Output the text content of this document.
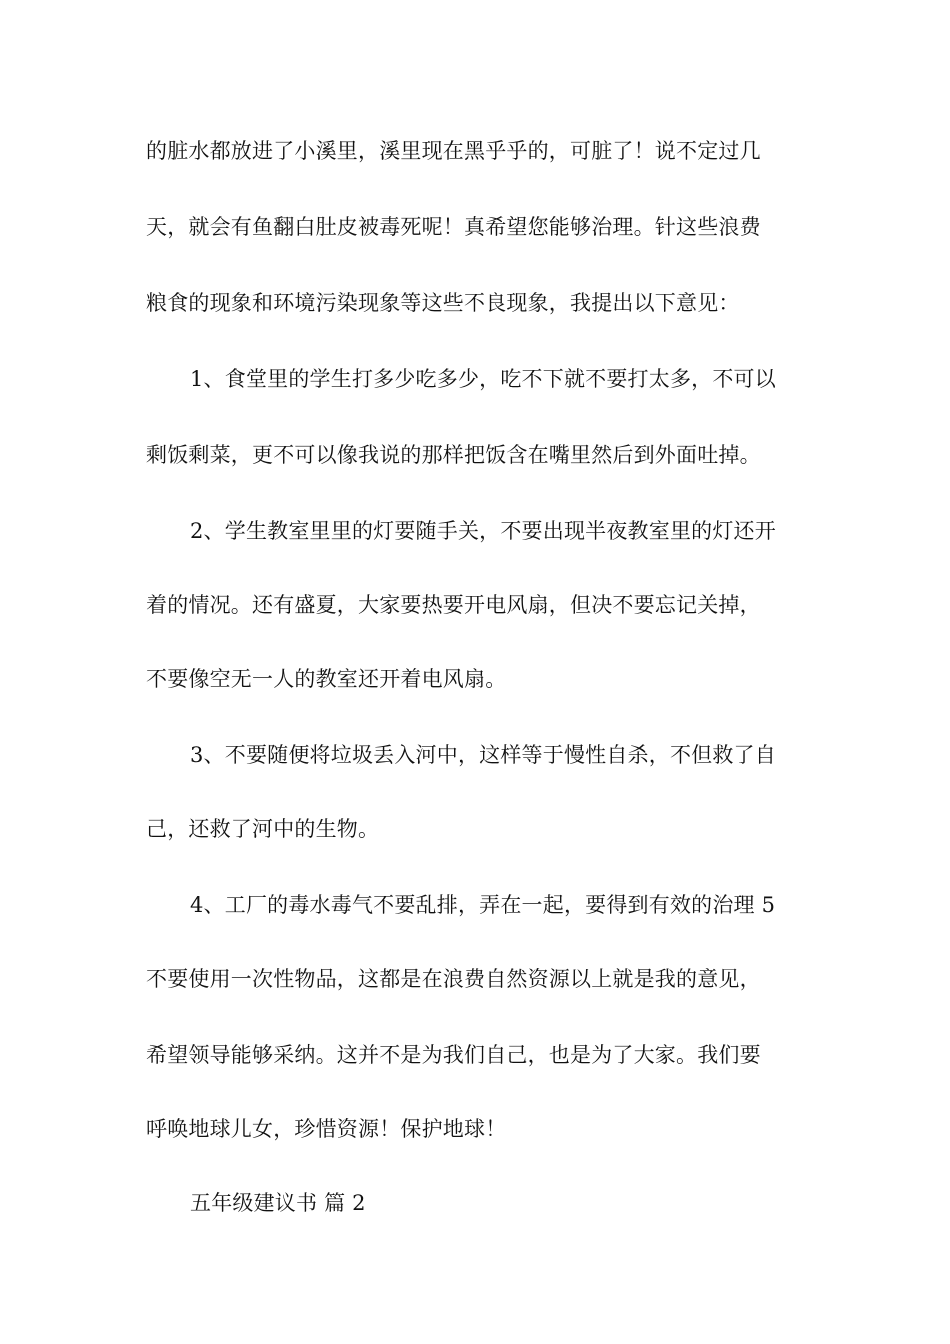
的脏水都放进了小溪里，溪里现在黑乎乎的，可脏了！说不定过几
天，就会有鱼翻白肚皮被毒死呢！真希望您能够治理。针这些浪费
粮食的现象和环境污染现象等这些不良现象，我提出以下意见：
1、食堂里的学生打多少吃多少，吃不下就不要打太多，不可以
剩饭剩菜，更不可以像我说的那样把饭含在嘴里然后到外面吐掉。
2、学生教室里里的灯要随手关，不要出现半夜教室里的灯还开
着的情况。还有盛夏，大家要热要开电风扇，但决不要忘记关掉，
不要像空无一人的教室还开着电风扇。
3、不要随便将垃圾丢入河中，这样等于慢性自杀，不但救了自
己，还救了河中的生物。
4、工厂的毒水毒气不要乱排，弄在一起，要得到有效的治理 5
不要使用一次性物品，这都是在浪费自然资源以上就是我的意见，
希望领导能够采纳。这并不是为我们自己，也是为了大家。我们要
呼唤地球儿女，珍惜资源！保护地球！
五年级建议书 篇 2
